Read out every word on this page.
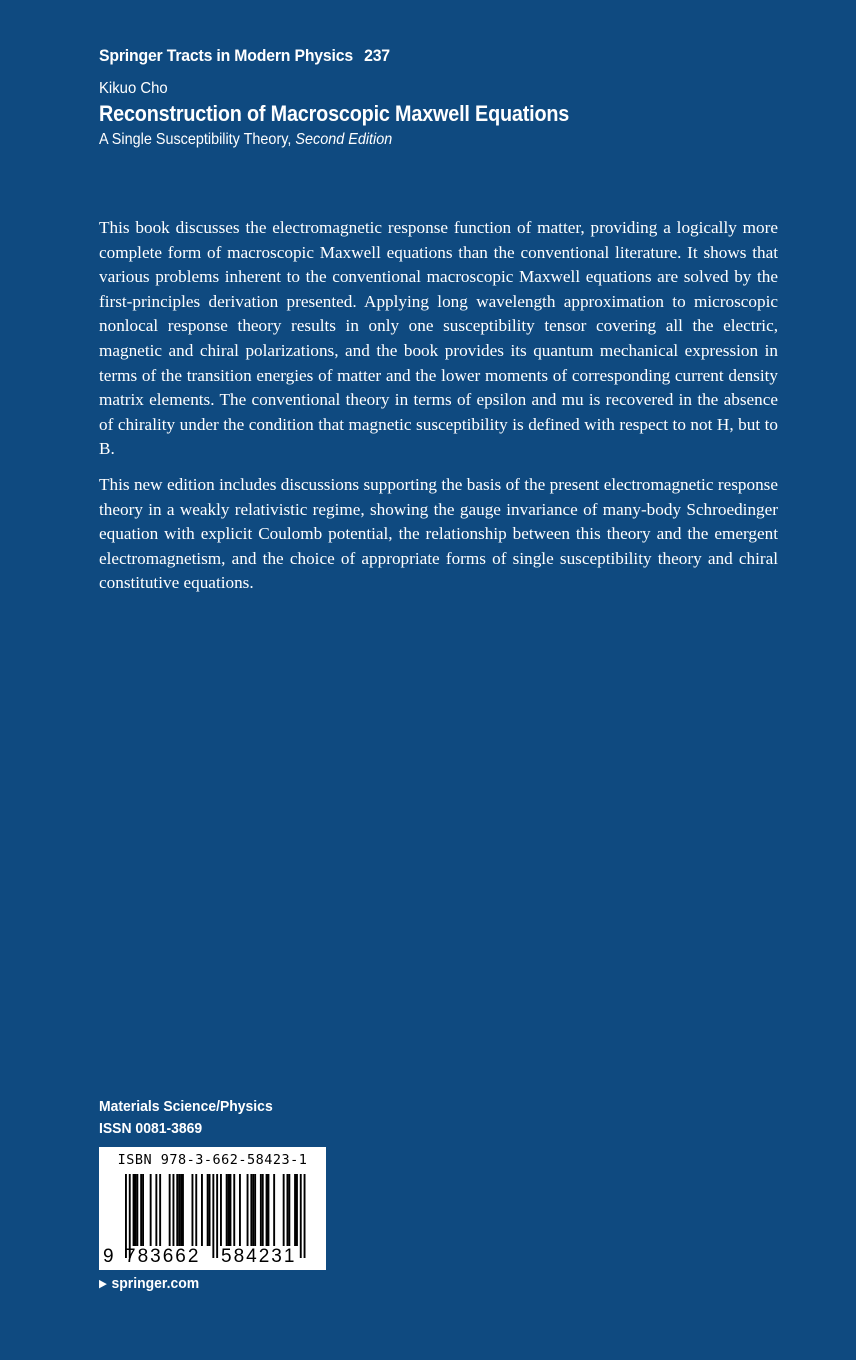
Springer Tracts in Modern Physics 237
Kikuo Cho
Reconstruction of Macroscopic Maxwell Equations
A Single Susceptibility Theory, Second Edition

This book discusses the electromagnetic response function of matter, providing a logically more complete form of macroscopic Maxwell equations than the conventional literature. It shows that various problems inherent to the conventional macroscopic Maxwell equations are solved by the first-principles derivation presented. Applying long wavelength approximation to microscopic nonlocal response theory results in only one susceptibility tensor covering all the electric, magnetic and chiral polarizations, and the book provides its quantum mechanical expression in terms of the transition energies of matter and the lower moments of corresponding current density matrix elements. The conventional theory in terms of epsilon and mu is recovered in the absence of chirality under the condition that magnetic susceptibility is defined with respect to not H, but to B.

This new edition includes discussions supporting the basis of the present electromagnetic response theory in a weakly relativistic regime, showing the gauge invariance of many-body Schroedinger equation with explicit Coulomb potential, the relationship between this theory and the emergent electromagnetism, and the choice of appropriate forms of single susceptibility theory and chiral constitutive equations.

Materials Science/Physics
ISSN 0081-3869
ISBN 978-3-662-58423-1
9 783662 584231
▶ springer.com
